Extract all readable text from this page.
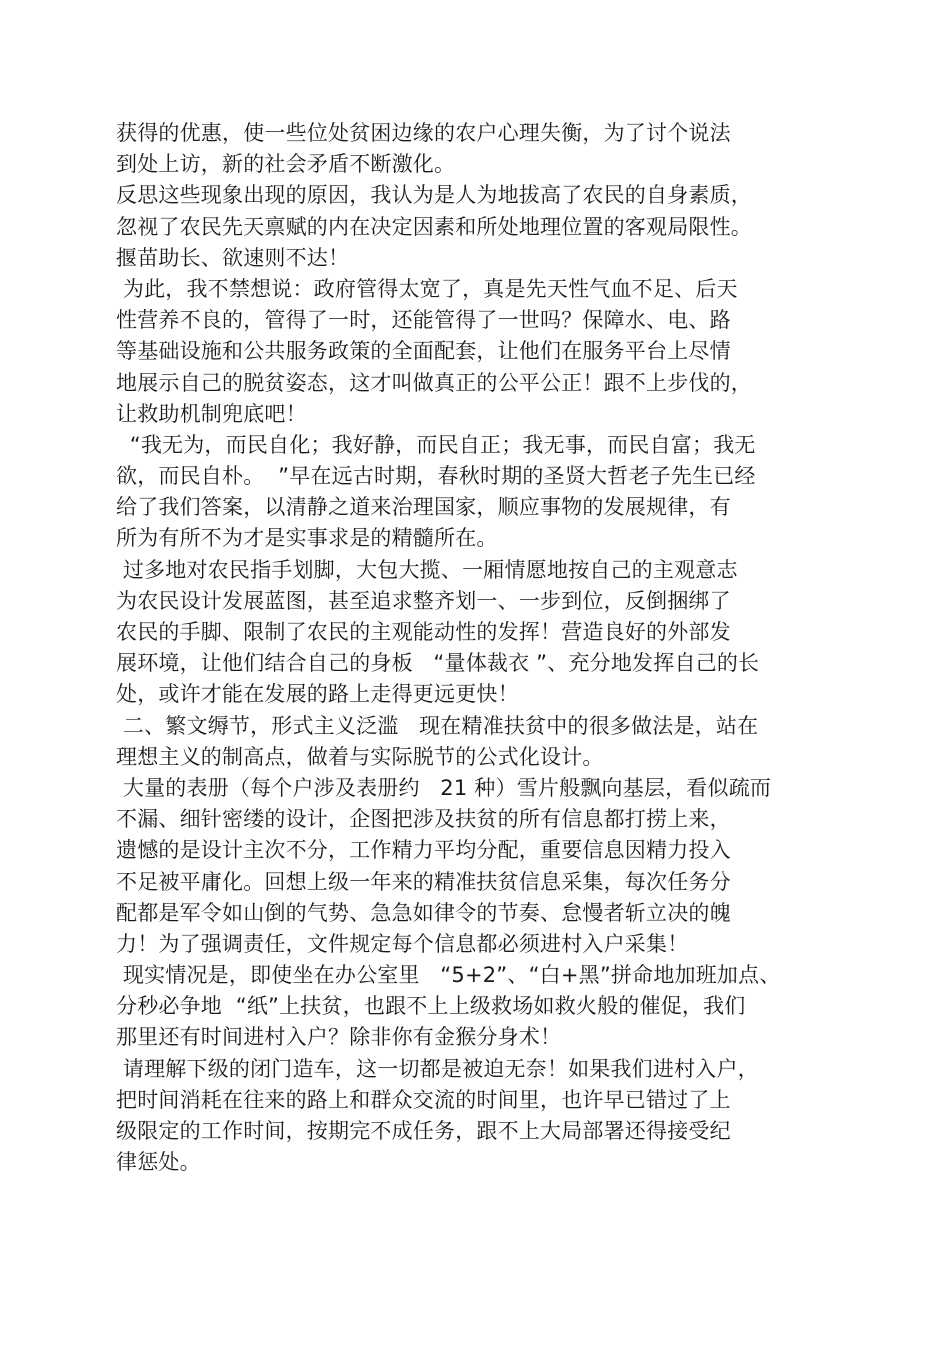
获得的优惠，使一些位处贫困边缘的农户心理失衡，为了讨个说法
到处上访，新的社会矛盾不断激化。
反思这些现象出现的原因，我认为是人为地拔高了农民的自身素质，
忽视了农民先天禀赋的内在决定因素和所处地理位置的客观局限性。
揠苗助长、欲速则不达！
为此，我不禁想说：政府管得太宽了，真是先天性气血不足、后天
性营养不良的，管得了一时，还能管得了一世吗？保障水、电、路
等基础设施和公共服务政策的全面配套，让他们在服务平台上尽情
地展示自己的脱贫姿态，这才叫做真正的公平公正！跟不上步伐的，
让救助机制兜底吧！
“我无为，而民自化；我好静，而民自正；我无事，而民自富；我无
欲，而民自朴。  ”早在远古时期，春秋时期的圣贤大哲老子先生已经
给了我们答案，以清静之道来治理国家，顺应事物的发展规律，有
所为有所不为才是实事求是的精髓所在。
过多地对农民指手划脚，大包大揽、一厢情愿地按自己的主观意志
为农民设计发展蓝图，甚至追求整齐划一、一步到位，反倒捆绑了
农民的手脚、限制了农民的主观能动性的发挥！营造良好的外部发
展环境，让他们结合自己的身板   “量体裁衣 ”、充分地发挥自己的长
处，或许才能在发展的路上走得更远更快！
二、繁文缛节，形式主义泛滥   现在精准扶贫中的很多做法是，站在
理想主义的制高点，做着与实际脱节的公式化设计。
大量的表册（每个户涉及表册约   21 种）雪片般飘向基层，看似疏而
不漏、细针密缕的设计，企图把涉及扶贫的所有信息都打捞上来，
遗憾的是设计主次不分，工作精力平均分配，重要信息因精力投入
不足被平庸化。回想上级一年来的精准扶贫信息采集，每次任务分
配都是军令如山倒的气势、急急如律令的节奏、怠慢者斩立决的魄
力！为了强调责任，文件规定每个信息都必须进村入户采集！
现实情况是，即使坐在办公室里   “5+2”、“白+黑”拼命地加班加点、
分秒必争地  “纸”上扶贫，也跟不上上级救场如救火般的催促，我们
那里还有时间进村入户？除非你有金猴分身术！
请理解下级的闭门造车，这一切都是被迫无奈！如果我们进村入户，
把时间消耗在往来的路上和群众交流的时间里，也许早已错过了上
级限定的工作时间，按期完不成任务，跟不上大局部署还得接受纪
律惩处。
